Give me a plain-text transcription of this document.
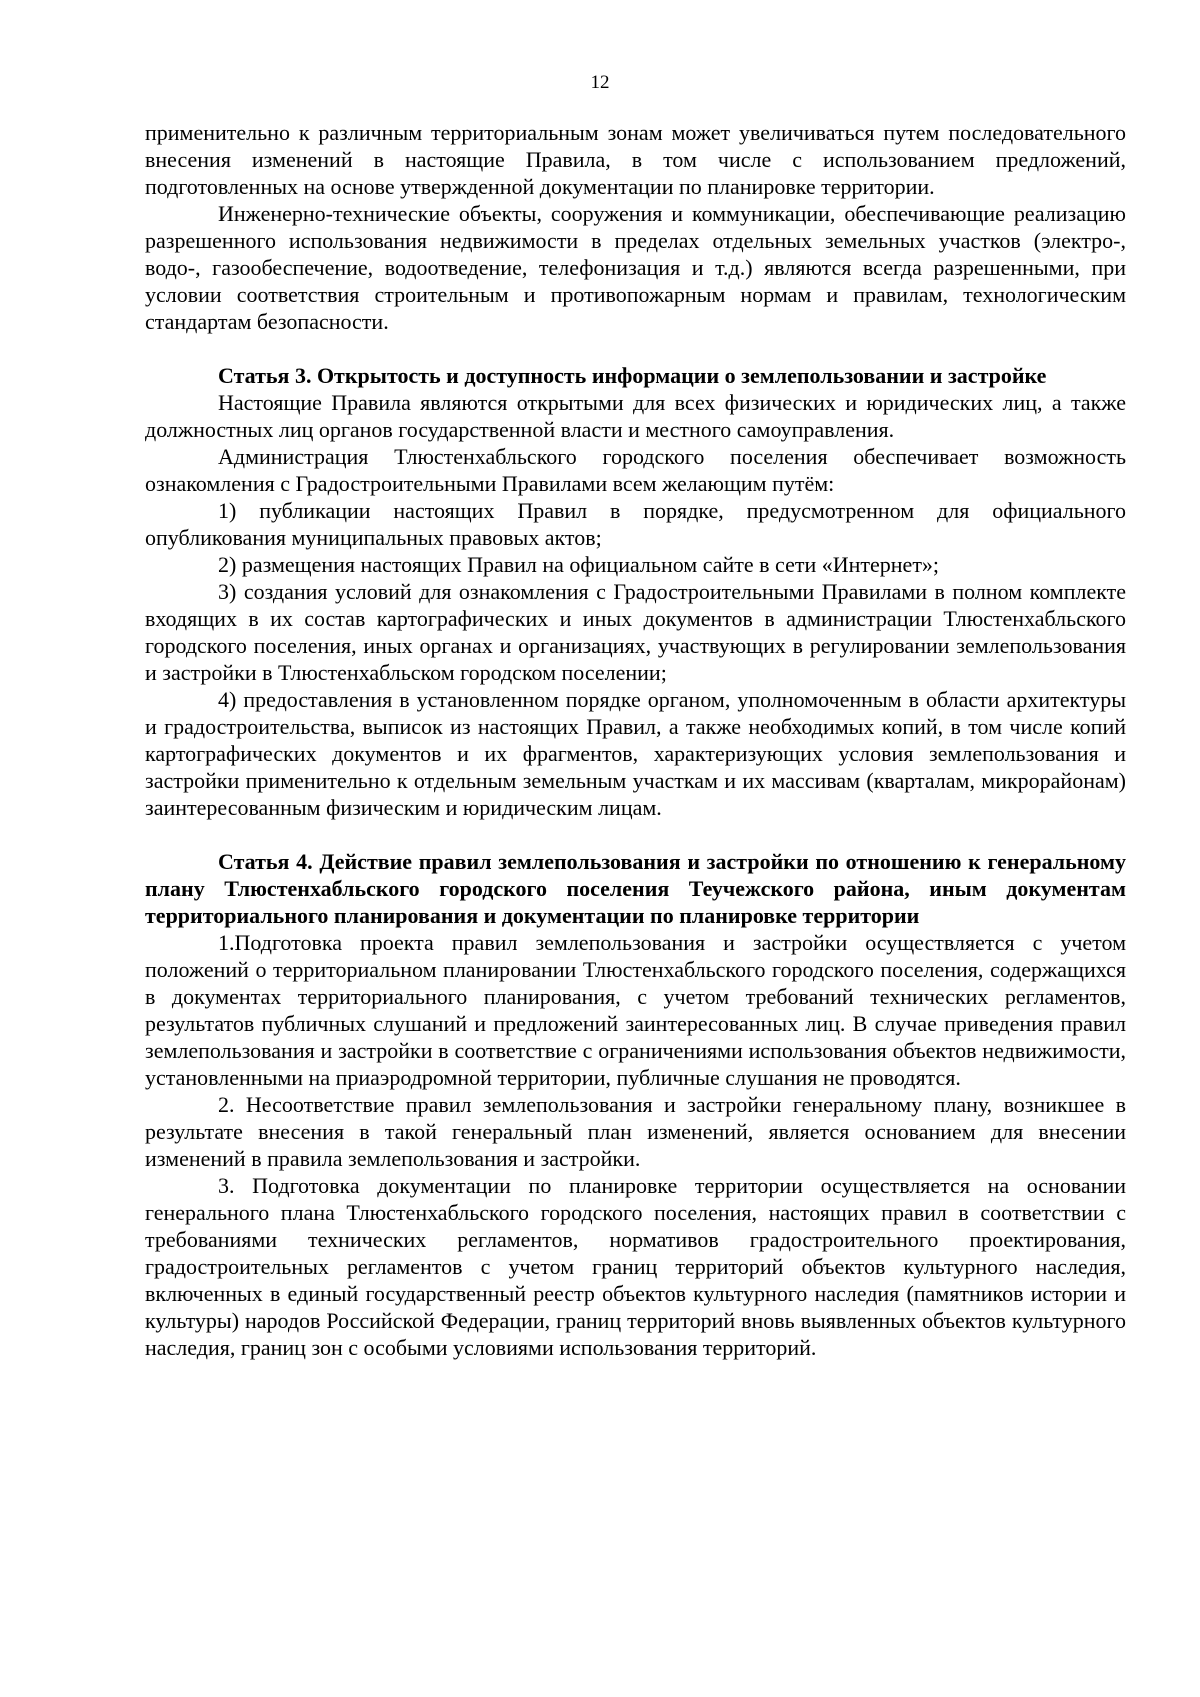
12

применительно к различным территориальным зонам может увеличиваться путем последовательного внесения изменений в настоящие Правила, в том числе с использованием предложений, подготовленных на основе утвержденной документации по планировке территории.

Инженерно-технические объекты, сооружения и коммуникации, обеспечивающие реализацию разрешенного использования недвижимости в пределах отдельных земельных участков (электро-, водо-, газообеспечение, водоотведение, телефонизация и т.д.) являются всегда разрешенными, при условии соответствия строительным и противопожарным нормам и правилам, технологическим стандартам безопасности.

Статья 3. Открытость и доступность информации о землепользовании и застройке

Настоящие Правила являются открытыми для всех физических и юридических лиц, а также должностных лиц органов государственной власти и местного самоуправления.

Администрация Тлюстенхабльского городского поселения обеспечивает возможность ознакомления с Градостроительными Правилами всем желающим путём:

1) публикации настоящих Правил в порядке, предусмотренном для официального опубликования муниципальных правовых актов;

2) размещения настоящих Правил на официальном сайте в сети «Интернет»;

3) создания условий для ознакомления с Градостроительными Правилами в полном комплекте входящих в их состав картографических и иных документов в администрации Тлюстенхабльского городского поселения, иных органах и организациях, участвующих в регулировании землепользования и застройки в Тлюстенхабльском городском поселении;

4) предоставления в установленном порядке органом, уполномоченным в области архитектуры и градостроительства, выписок из настоящих Правил, а также необходимых копий, в том числе копий картографических документов и их фрагментов, характеризующих условия землепользования и застройки применительно к отдельным земельным участкам и их массивам (кварталам, микрорайонам) заинтересованным физическим и юридическим лицам.

Статья 4. Действие правил землепользования и застройки по отношению к генеральному плану Тлюстенхабльского городского поселения Теучежского района, иным документам территориального планирования и документации по планировке территории

1.Подготовка проекта правил землепользования и застройки осуществляется с учетом положений о территориальном планировании Тлюстенхабльского городского поселения, содержащихся в документах территориального планирования, с учетом требований технических регламентов, результатов публичных слушаний и предложений заинтересованных лиц. В случае приведения правил землепользования и застройки в соответствие с ограничениями использования объектов недвижимости, установленными на приаэродромной территории, публичные слушания не проводятся.

2. Несоответствие правил землепользования и застройки генеральному плану, возникшее в результате внесения в такой генеральный план изменений, является основанием для внесении изменений в правила землепользования и застройки.

3. Подготовка документации по планировке территории осуществляется на основании генерального плана Тлюстенхабльского городского поселения, настоящих правил в соответствии с требованиями технических регламентов, нормативов градостроительного проектирования, градостроительных регламентов с учетом границ территорий объектов культурного наследия, включенных в единый государственный реестр объектов культурного наследия (памятников истории и культуры) народов Российской Федерации, границ территорий вновь выявленных объектов культурного наследия, границ зон с особыми условиями использования территорий.
